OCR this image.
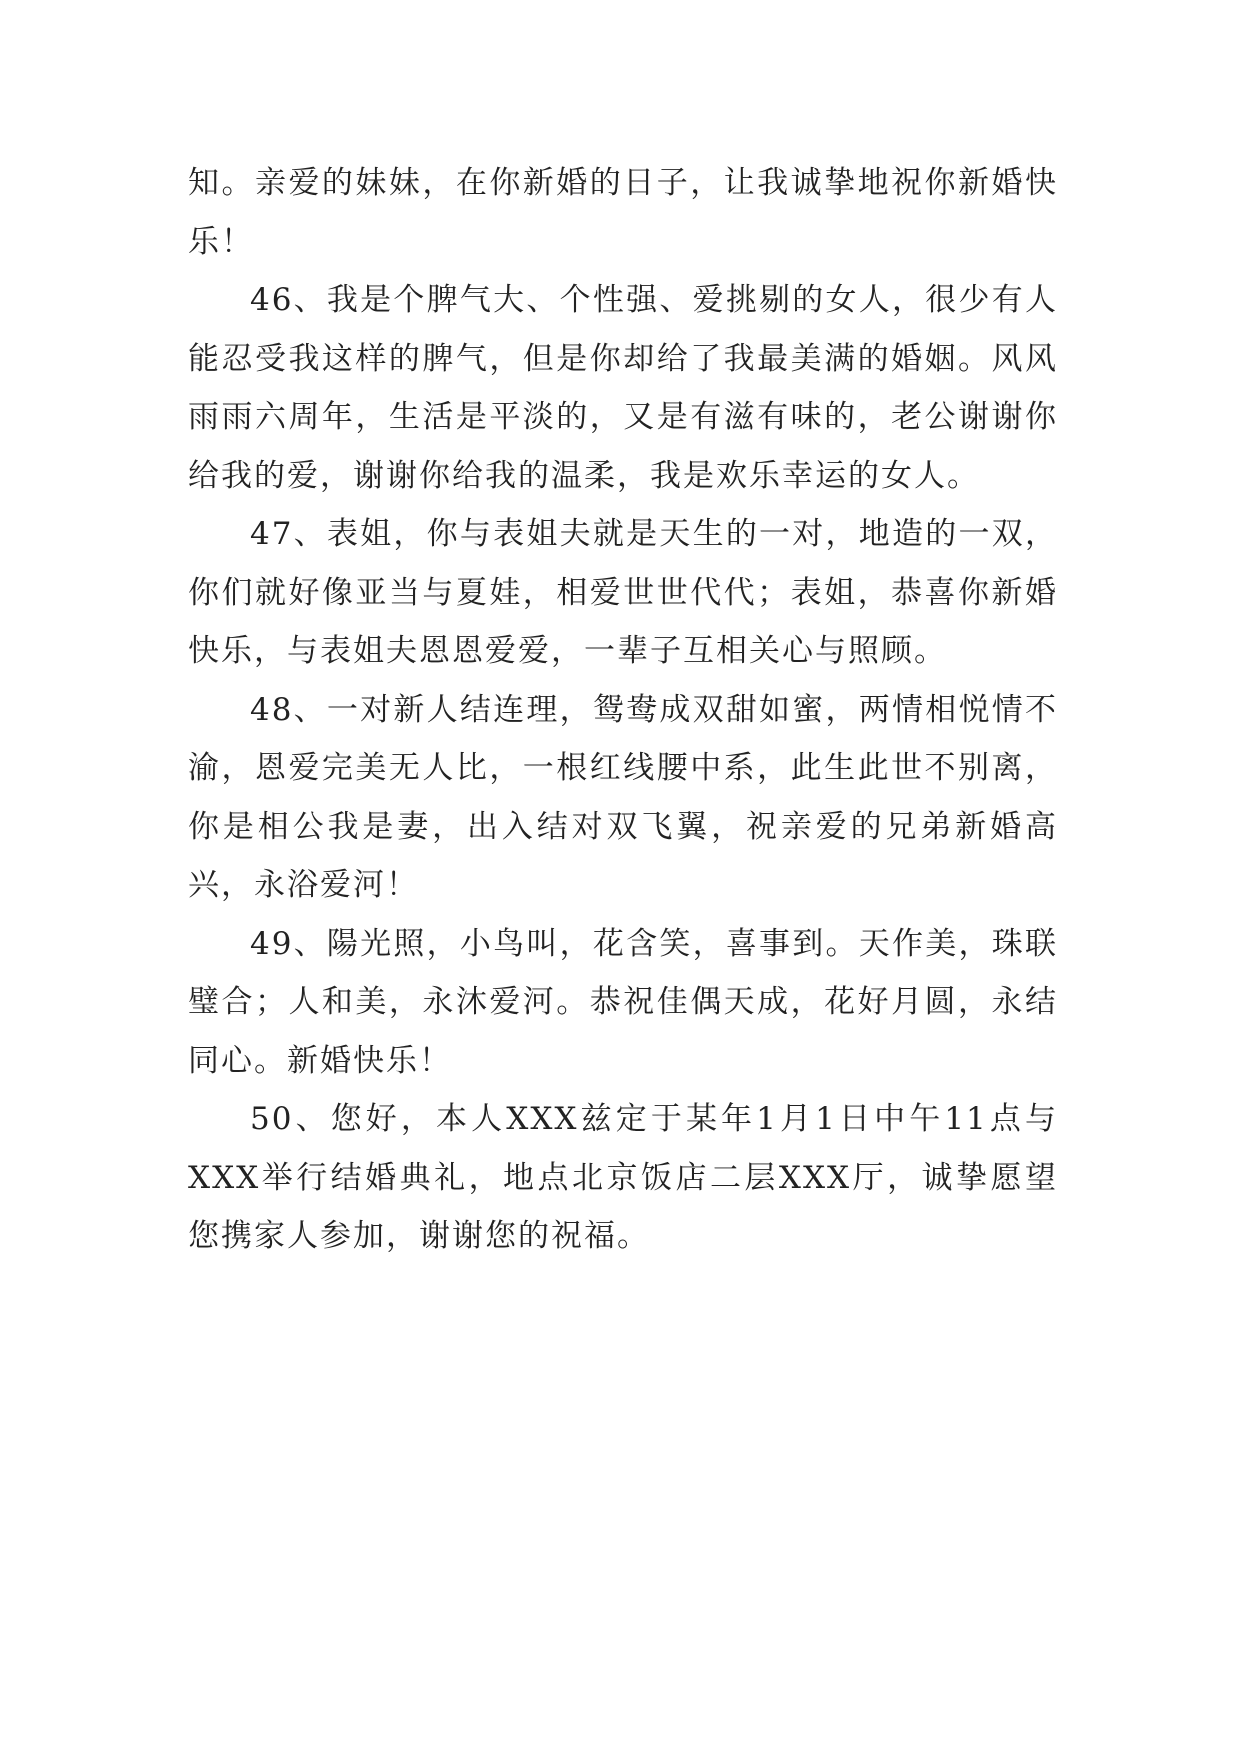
知。亲爱的妹妹，在你新婚的日子，让我诚挚地祝你新婚快乐！

46、我是个脾气大、个性强、爱挑剔的女人，很少有人能忍受我这样的脾气，但是你却给了我最美满的婚姻。风风雨雨六周年，生活是平淡的，又是有滋有味的，老公谢谢你给我的爱，谢谢你给我的温柔，我是欢乐幸运的女人。

47、表姐，你与表姐夫就是天生的一对，地造的一双，你们就好像亚当与夏娃，相爱世世代代；表姐，恭喜你新婚快乐，与表姐夫恩恩爱爱，一辈子互相关心与照顾。

48、一对新人结连理，鸳鸯成双甜如蜜，两情相悦情不渝，恩爱完美无人比，一根红线腰中系，此生此世不别离，你是相公我是妻，出入结对双飞翼，祝亲爱的兄弟新婚高兴，永浴爱河！

49、陽光照，小鸟叫，花含笑，喜事到。天作美，珠联璧合；人和美，永沐爱河。恭祝佳偶天成，花好月圆，永结同心。新婚快乐！

50、您好，本人XXX兹定于某年1月1日中午11点与XXX举行结婚典礼，地点北京饭店二层XXX厅，诚挚愿望您携家人参加，谢谢您的祝福。
